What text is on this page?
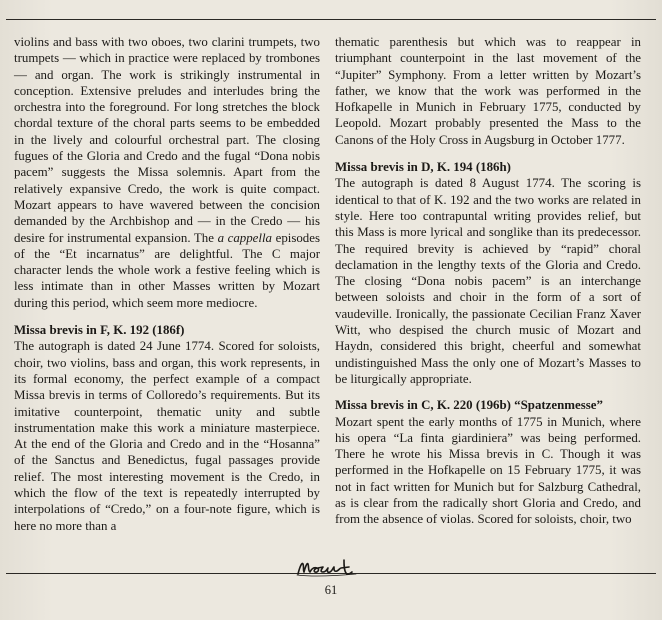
violins and bass with two oboes, two clarini trumpets, two trumpets — which in practice were replaced by trombones — and organ. The work is strikingly instrumental in conception. Extensive preludes and interludes bring the orchestra into the foreground. For long stretches the block chordal texture of the choral parts seems to be embedded in the lively and colourful orchestral part. The closing fugues of the Gloria and Credo and the fugal “Dona nobis pacem” suggests the Missa solemnis. Apart from the relatively expansive Credo, the work is quite compact. Mozart appears to have wavered between the concision demanded by the Archbishop and — in the Credo — his desire for instrumental expansion. The a cappella episodes of the “Et incarnatus” are delightful. The C major character lends the whole work a festive feeling which is less intimate than in other Masses written by Mozart during this period, which seem more mediocre.

Missa brevis in F, K. 192 (186f)

The autograph is dated 24 June 1774. Scored for soloists, choir, two violins, bass and organ, this work represents, in its formal economy, the perfect example of a compact Missa brevis in terms of Colloredo’s requirements. But its imitative counterpoint, thematic unity and subtle instrumentation make this work a miniature masterpiece. At the end of the Gloria and Credo and in the “Hosanna” of the Sanctus and Benedictus, fugal passages provide relief. The most interesting movement is the Credo, in which the flow of the text is repeatedly interrupted by interpolations of “Credo,” on a four-note figure, which is here no more than a

thematic parenthesis but which was to reappear in triumphant counterpoint in the last movement of the “Jupiter” Symphony. From a letter written by Mozart’s father, we know that the work was performed in the Hofkapelle in Munich in February 1775, conducted by Leopold. Mozart probably presented the Mass to the Canons of the Holy Cross in Augsburg in October 1777.

Missa brevis in D, K. 194 (186h)

The autograph is dated 8 August 1774. The scoring is identical to that of K. 192 and the two works are related in style. Here too contrapuntal writing provides relief, but this Mass is more lyrical and songlike than its predecessor. The required brevity is achieved by “rapid” choral declamation in the lengthy texts of the Gloria and Credo. The closing “Dona nobis pacem” is an interchange between soloists and choir in the form of a sort of vaudeville. Ironically, the passionate Cecilian Franz Xaver Witt, who despised the church music of Mozart and Haydn, considered this bright, cheerful and somewhat undistinguished Mass the only one of Mozart’s Masses to be liturgically appropriate.

Missa brevis in C, K. 220 (196b) “Spatzenmesse”

Mozart spent the early months of 1775 in Munich, where his opera “La finta giardiniera” was being performed. There he wrote his Missa brevis in C. Though it was performed in the Hofkapelle on 15 February 1775, it was not in fact written for Munich but for Salzburg Cathedral, as is clear from the radically short Gloria and Credo, and from the absence of violas. Scored for soloists, choir, two

61
